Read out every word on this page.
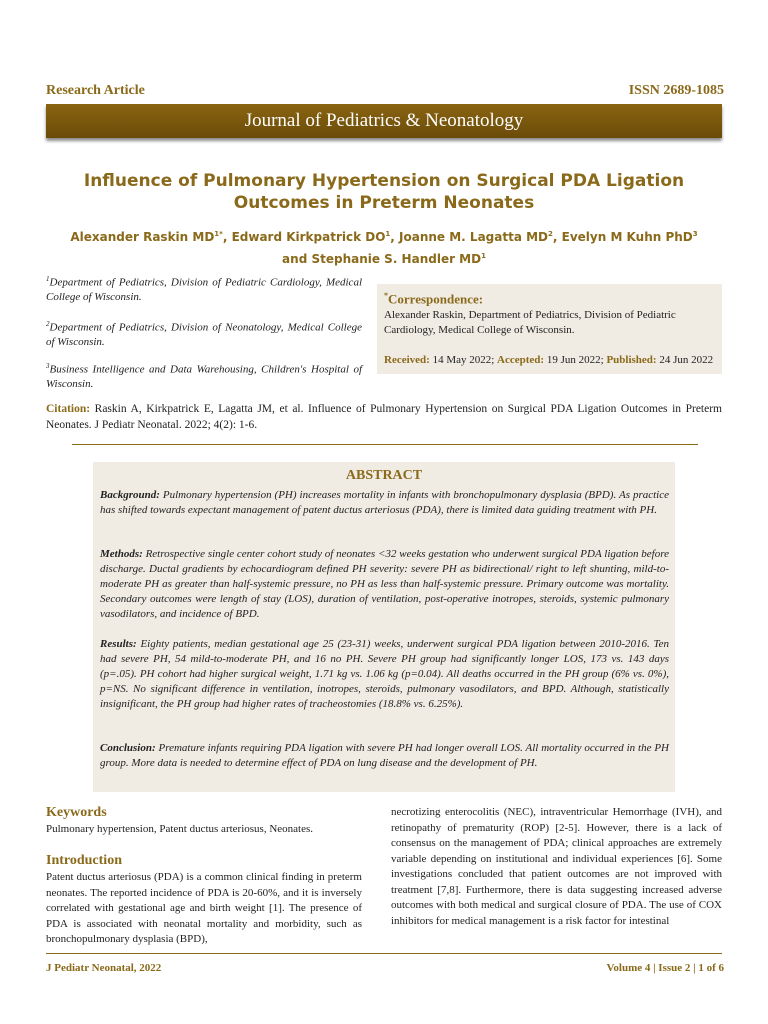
Research Article	ISSN 2689-1085
Journal of Pediatrics & Neonatology
Influence of Pulmonary Hypertension on Surgical PDA Ligation Outcomes in Preterm Neonates
Alexander Raskin $MD^{1*}$, Edward Kirkpatrick $DO^1$, Joanne M. Lagatta $MD^2$, Evelyn M Kuhn PhD$^3$ and Stephanie S. Handler $MD^1$
$^1$Department of Pediatrics, Division of Pediatric Cardiology, Medical College of Wisconsin.
$^2$Department of Pediatrics, Division of Neonatology, Medical College of Wisconsin.
$^3$Business Intelligence and Data Warehousing, Children's Hospital of Wisconsin.
*Correspondence:
Alexander Raskin, Department of Pediatrics, Division of Pediatric Cardiology, Medical College of Wisconsin.
Received: 14 May 2022; Accepted: 19 Jun 2022; Published: 24 Jun 2022
Citation: Raskin A, Kirkpatrick E, Lagatta JM, et al. Influence of Pulmonary Hypertension on Surgical PDA Ligation Outcomes in Preterm Neonates. J Pediatr Neonatal. 2022; 4(2): 1-6.
ABSTRACT
Background: Pulmonary hypertension (PH) increases mortality in infants with bronchopulmonary dysplasia (BPD). As practice has shifted towards expectant management of patent ductus arteriosus (PDA), there is limited data guiding treatment with PH.
Methods: Retrospective single center cohort study of neonates <32 weeks gestation who underwent surgical PDA ligation before discharge. Ductal gradients by echocardiogram defined PH severity: severe PH as bidirectional/ right to left shunting, mild-to-moderate PH as greater than half-systemic pressure, no PH as less than half-systemic pressure. Primary outcome was mortality. Secondary outcomes were length of stay (LOS), duration of ventilation, post-operative inotropes, steroids, systemic pulmonary vasodilators, and incidence of BPD.
Results: Eighty patients, median gestational age 25 (23-31) weeks, underwent surgical PDA ligation between 2010-2016. Ten had severe PH, 54 mild-to-moderate PH, and 16 no PH. Severe PH group had significantly longer LOS, 173 vs. 143 days (p=.05). PH cohort had higher surgical weight, 1.71 kg vs. 1.06 kg (p=0.04). All deaths occurred in the PH group (6% vs. 0%), p=NS. No significant difference in ventilation, inotropes, steroids, pulmonary vasodilators, and BPD. Although, statistically insignificant, the PH group had higher rates of tracheostomies (18.8% vs. 6.25%).
Conclusion: Premature infants requiring PDA ligation with severe PH had longer overall LOS. All mortality occurred in the PH group. More data is needed to determine effect of PDA on lung disease and the development of PH.
Keywords
Pulmonary hypertension, Patent ductus arteriosus, Neonates.
Introduction
Patent ductus arteriosus (PDA) is a common clinical finding in preterm neonates. The reported incidence of PDA is 20-60%, and it is inversely correlated with gestational age and birth weight [1]. The presence of PDA is associated with neonatal mortality and morbidity, such as bronchopulmonary dysplasia (BPD),
necrotizing enterocolitis (NEC), intraventricular Hemorrhage (IVH), and retinopathy of prematurity (ROP) [2-5]. However, there is a lack of consensus on the management of PDA; clinical approaches are extremely variable depending on institutional and individual experiences [6]. Some investigations concluded that patient outcomes are not improved with treatment [7,8]. Furthermore, there is data suggesting increased adverse outcomes with both medical and surgical closure of PDA. The use of COX inhibitors for medical management is a risk factor for intestinal
J Pediatr Neonatal, 2022	Volume 4 | Issue 2 | 1 of 6
